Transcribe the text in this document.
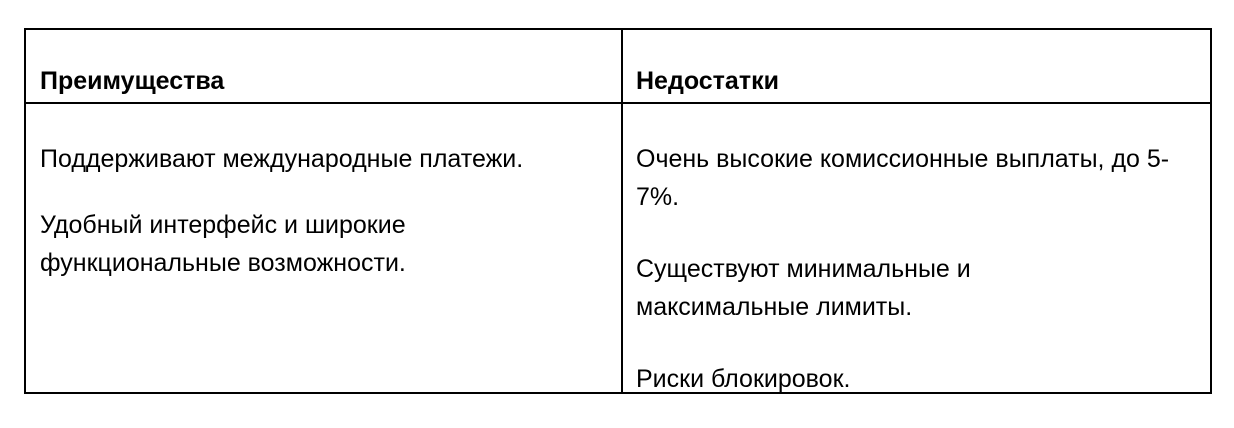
Преимущества	Недостатки

Поддерживают международные платежи.

Удобный интерфейс и широкие функциональные возможности.

Очень высокие комиссионные выплаты, до 5-7%.

Существуют минимальные и максимальные лимиты.

Риски блокировок.
